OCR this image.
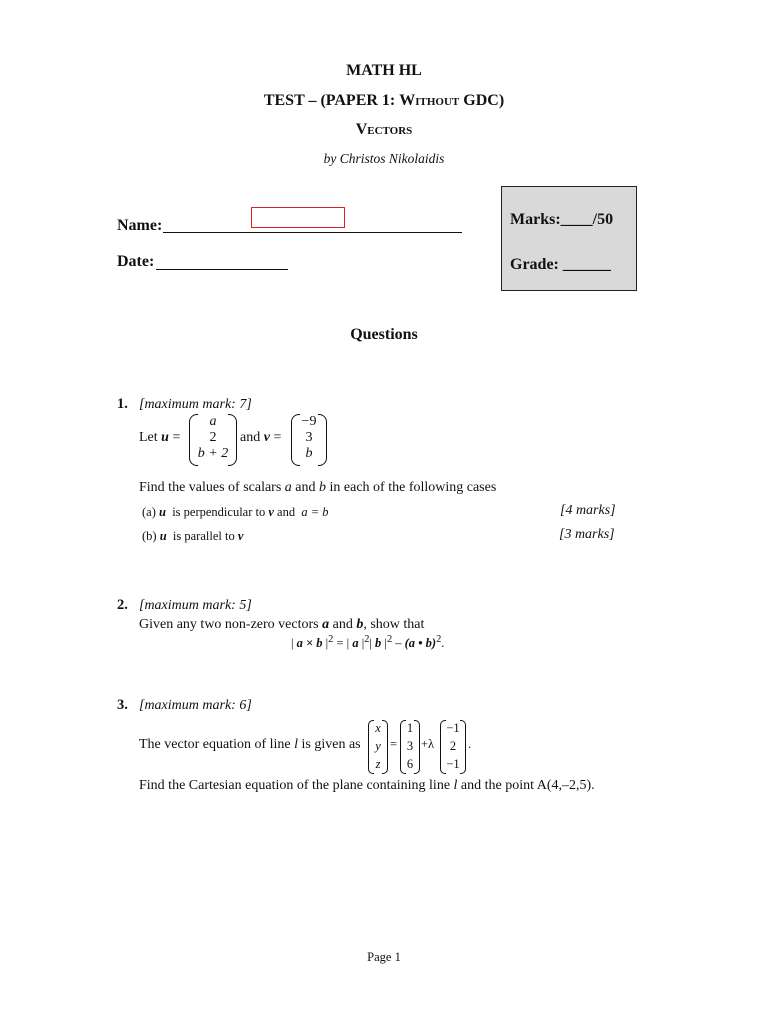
MATH HL
TEST – (PAPER 1: Without GDC)
Vectors
by Christos Nikolaidis
Name:
Date:
Marks:____/50
Grade: ______
Questions
1. [maximum mark: 7]
Let u =
a
2
b + 2
and v =
−9
3
b
Find the values of scalars a and b in each of the following cases
(a) u  is perpendicular to v and  a = b	[4 marks]
(b) u  is parallel to v	[3 marks]
2. [maximum mark: 5]
Given any two non-zero vectors a and b, show that
| a × b $|^2$ = | a $|^2|$ b $|^2 - (a$ • b)$^2$.
3. [maximum mark: 6]
The vector equation of line l is given as
x
y
z
=
1
3
6
+λ
−1
2
−1
.
Find the Cartesian equation of the plane containing line l and the point A(4,–2,5).
Page 1
